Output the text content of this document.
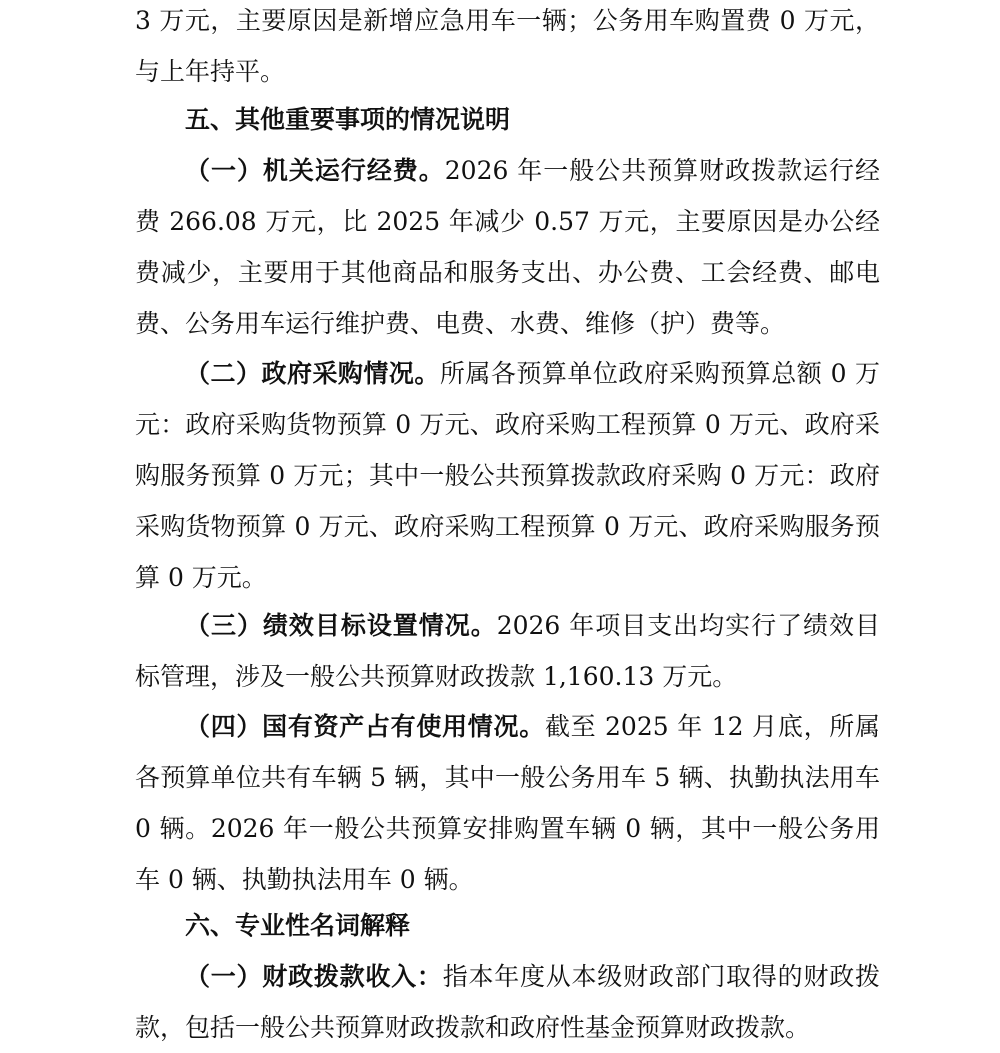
3 万元，主要原因是新增应急用车一辆；公务用车购置费 0 万元，与上年持平。

五、其他重要事项的情况说明

（一）机关运行经费。2026 年一般公共预算财政拨款运行经费 266.08 万元，比 2025 年减少 0.57 万元，主要原因是办公经费减少，主要用于其他商品和服务支出、办公费、工会经费、邮电费、公务用车运行维护费、电费、水费、维修（护）费等。

（二）政府采购情况。所属各预算单位政府采购预算总额 0 万元：政府采购货物预算 0 万元、政府采购工程预算 0 万元、政府采购服务预算 0 万元；其中一般公共预算拨款政府采购 0 万元：政府采购货物预算 0 万元、政府采购工程预算 0 万元、政府采购服务预算 0 万元。

（三）绩效目标设置情况。2026 年项目支出均实行了绩效目标管理，涉及一般公共预算财政拨款 1,160.13 万元。

（四）国有资产占有使用情况。截至 2025 年 12 月底，所属各预算单位共有车辆 5 辆，其中一般公务用车 5 辆、执勤执法用车 0 辆。2026 年一般公共预算安排购置车辆 0 辆，其中一般公务用车 0 辆、执勤执法用车 0 辆。

六、专业性名词解释

（一）财政拨款收入：指本年度从本级财政部门取得的财政拨款，包括一般公共预算财政拨款和政府性基金预算财政拨款。
